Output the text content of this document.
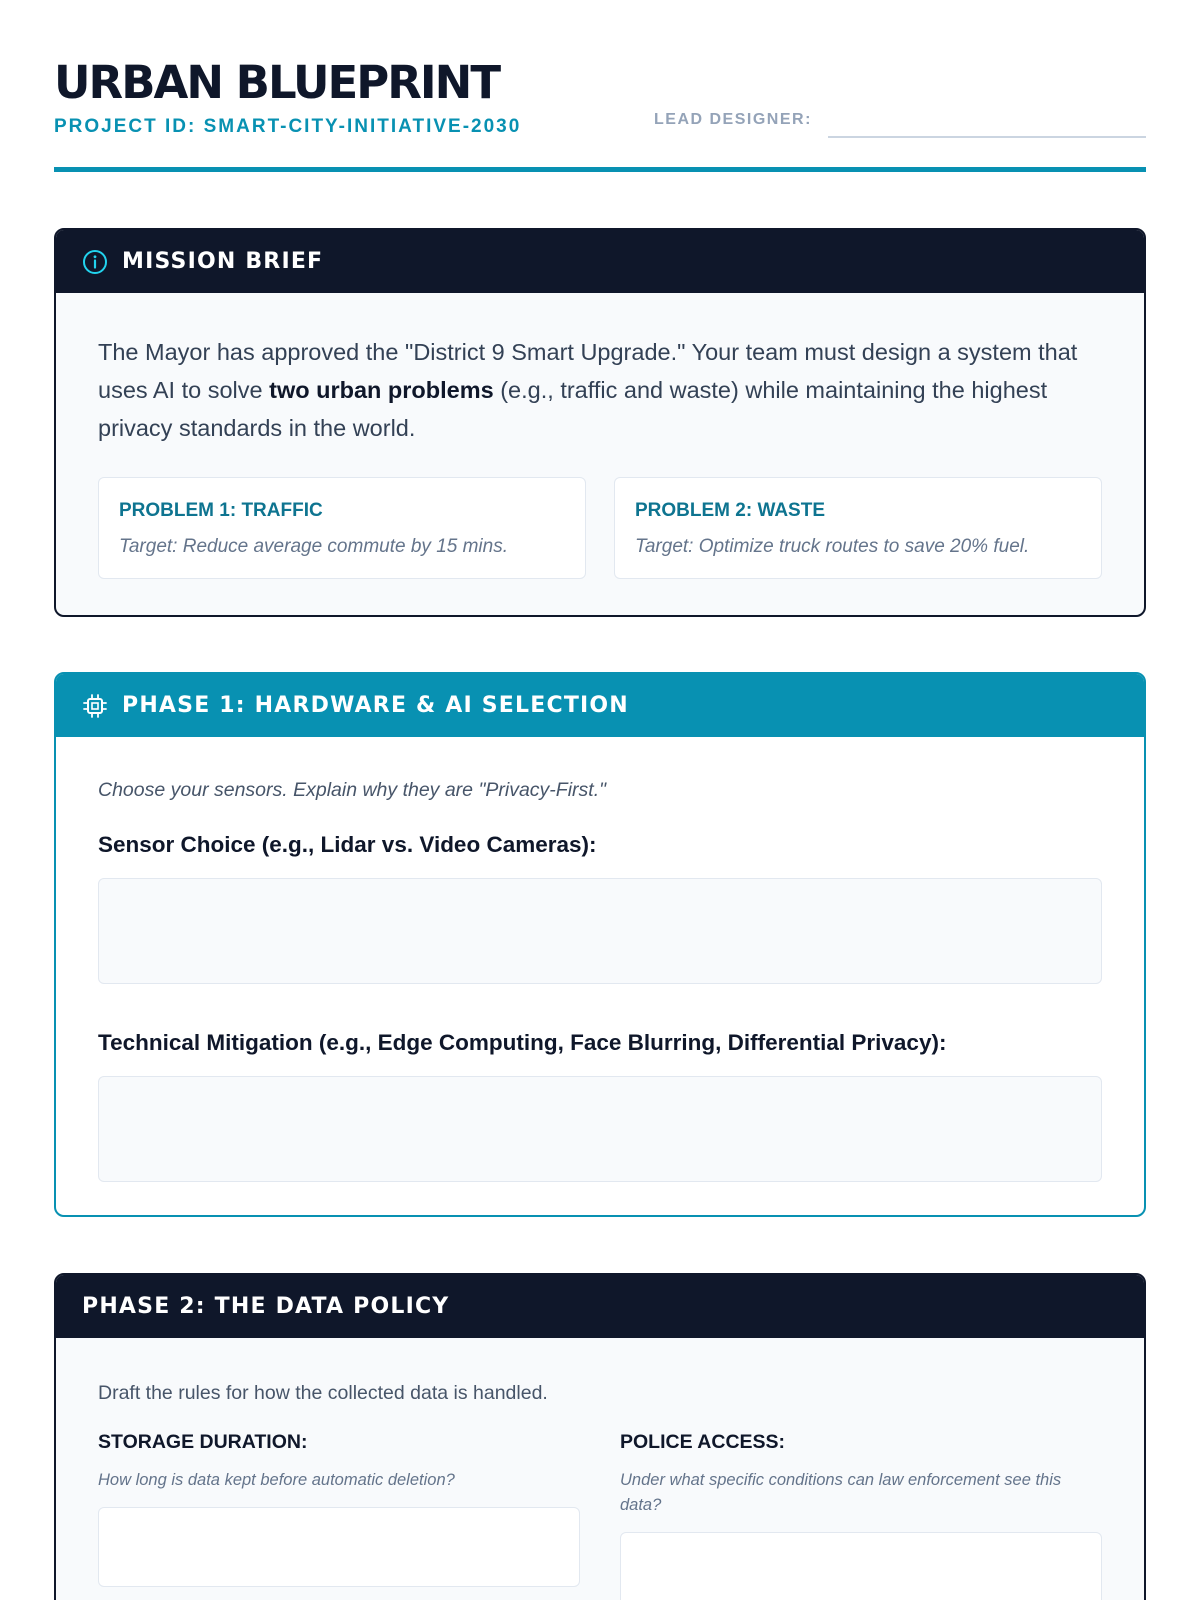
URBAN BLUEPRINT
PROJECT ID: SMART-CITY-INITIATIVE-2030	LEAD DESIGNER:
MISSION BRIEF

The Mayor has approved the "District 9 Smart Upgrade." Your team must design a system that uses AI to solve two urban problems (e.g., traffic and waste) while maintaining the highest privacy standards in the world.

PROBLEM 1: TRAFFIC
Target: Reduce average commute by 15 mins.
PROBLEM 2: WASTE
Target: Optimize truck routes to save 20% fuel.
PHASE 1: HARDWARE & AI SELECTION

Choose your sensors. Explain why they are "Privacy-First."

Sensor Choice (e.g., Lidar vs. Video Cameras):
Technical Mitigation (e.g., Edge Computing, Face Blurring, Differential Privacy):
PHASE 2: THE DATA POLICY

Draft the rules for how the collected data is handled.

STORAGE DURATION:
How long is data kept before automatic deletion?
POLICE ACCESS:
Under what specific conditions can law enforcement see this data?
